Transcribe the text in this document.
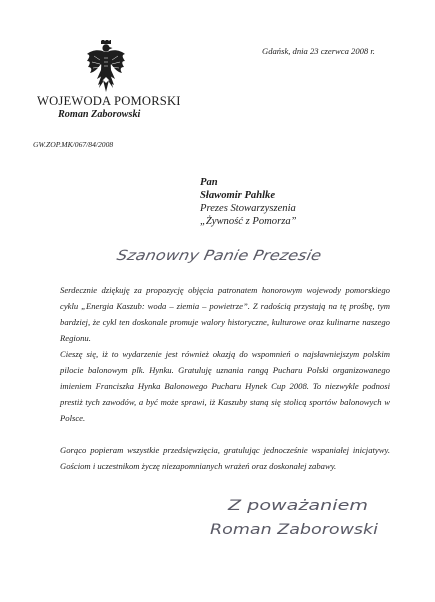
Gdańsk, dnia 23 czerwca 2008 r.
WOJEWODA POMORSKI
Roman Zaborowski
GW.ZOP.MK/067/84/2008
Pan
Sławomir Pahlke
Prezes Stowarzyszenia
„Żywność z Pomorza”
Szanowny Panie Prezesie
Serdecznie dziękuję za propozycję objęcia patronatem honorowym wojewody pomorskiego cyklu „Energia Kaszub: woda – ziemia – powietrze”. Z radością przystają na tę prośbę, tym bardziej, że cykl ten doskonale promuje walory historyczne, kulturowe oraz kulinarne naszego Regionu.
Cieszę się, iż to wydarzenie jest również okazją do wspomnień o najsławniejszym polskim pilocie balonowym plk. Hynku. Gratuluję uznania rangą Pucharu Polski organizowanego imieniem Franciszka Hynka Balonowego Pucharu Hynek Cup 2008. To niezwykle podnosi prestiż tych zawodów, a być może sprawi, iż Kaszuby staną się stolicą sportów balonowych w Polsce.
Gorąco popieram wszystkie przedsięwzięcia, gratulując jednocześnie wspaniałej inicjatywy. Gościom i uczestnikom życzę niezapomnianych wrażeń oraz doskonałej zabawy.
Z poważaniem
Roman Zaborowski
